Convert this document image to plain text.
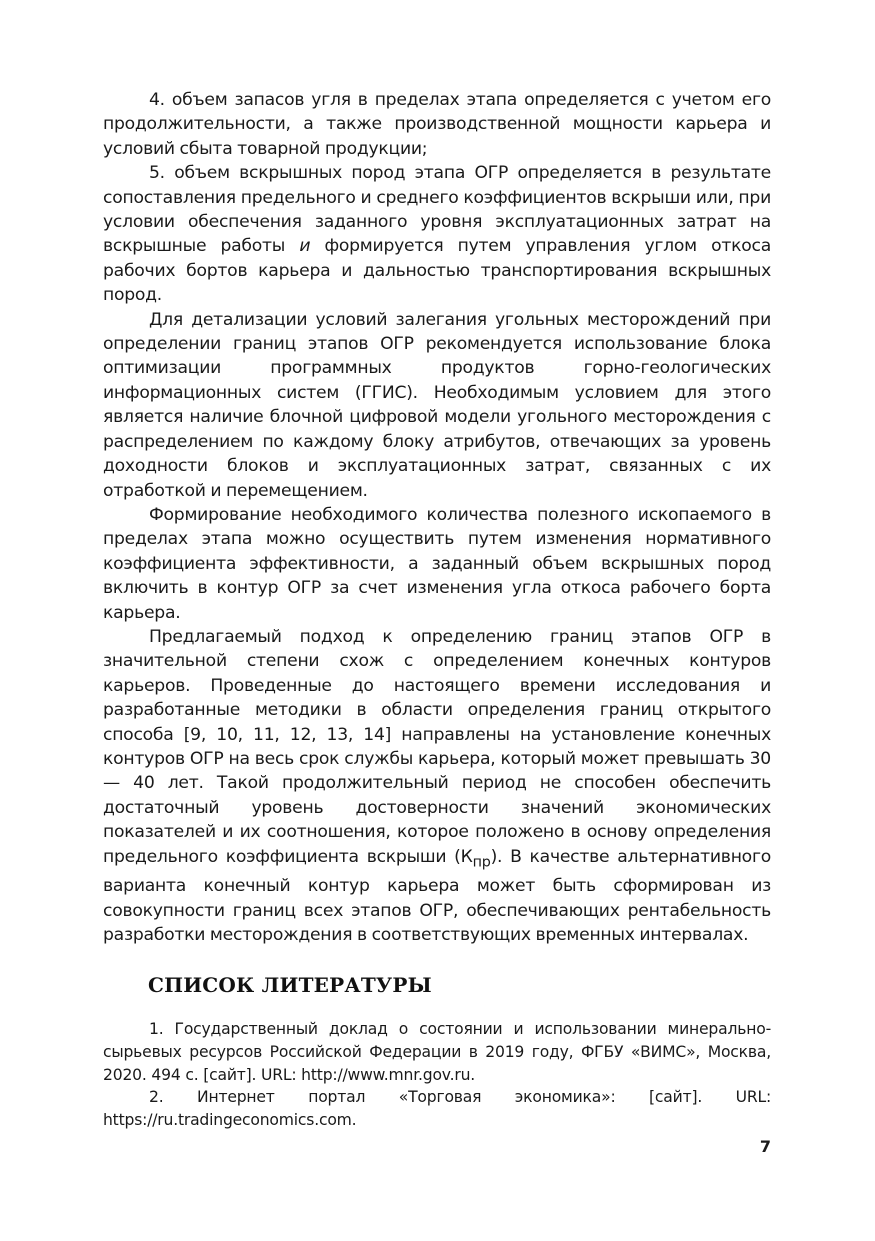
4. объем запасов угля в пределах этапа определяется с учетом его продолжительности, а также производственной мощности карьера и условий сбыта товарной продукции;

5. объем вскрышных пород этапа ОГР определяется в результате сопоставления предельного и среднего коэффициентов вскрыши или, при условии обеспечения заданного уровня эксплуатационных затрат на вскрышные работы и формируется путем управления углом откоса рабочих бортов карьера и дальностью транспортирования вскрышных пород.

Для детализации условий залегания угольных месторождений при определении границ этапов ОГР рекомендуется использование блока оптимизации программных продуктов горно-геологических информационных систем (ГГИС). Необходимым условием для этого является наличие блочной цифровой модели угольного месторождения с распределением по каждому блоку атрибутов, отвечающих за уровень доходности блоков и эксплуатационных затрат, связанных с их отработкой и перемещением.

Формирование необходимого количества полезного ископаемого в пределах этапа можно осуществить путем изменения нормативного коэффициента эффективности, а заданный объем вскрышных пород включить в контур ОГР за счет изменения угла откоса рабочего борта карьера.

Предлагаемый подход к определению границ этапов ОГР в значительной степени схож с определением конечных контуров карьеров. Проведенные до настоящего времени исследования и разработанные методики в области определения границ открытого способа [9, 10, 11, 12, 13, 14] направлены на установление конечных контуров ОГР на весь срок службы карьера, который может превышать 30 — 40 лет. Такой продолжительный период не способен обеспечить достаточный уровень достоверности значений экономических показателей и их соотношения, которое положено в основу определения предельного коэффициента вскрыши $(К_{пр})$. В качестве альтернативного варианта конечный контур карьера может быть сформирован из совокупности границ всех этапов ОГР, обеспечивающих рентабельность разработки месторождения в соответствующих временных интервалах.

СПИСОК ЛИТЕРАТУРЫ

1. Государственный доклад о состоянии и использовании минерально-сырьевых ресурсов Российской Федерации в 2019 году, ФГБУ «ВИМС», Москва, 2020. 494 с. [сайт]. URL: http://www.mnr.gov.ru.

2. Интернет портал «Торговая экономика»: [сайт]. URL: https://ru.tradingeconomics.com.

7
